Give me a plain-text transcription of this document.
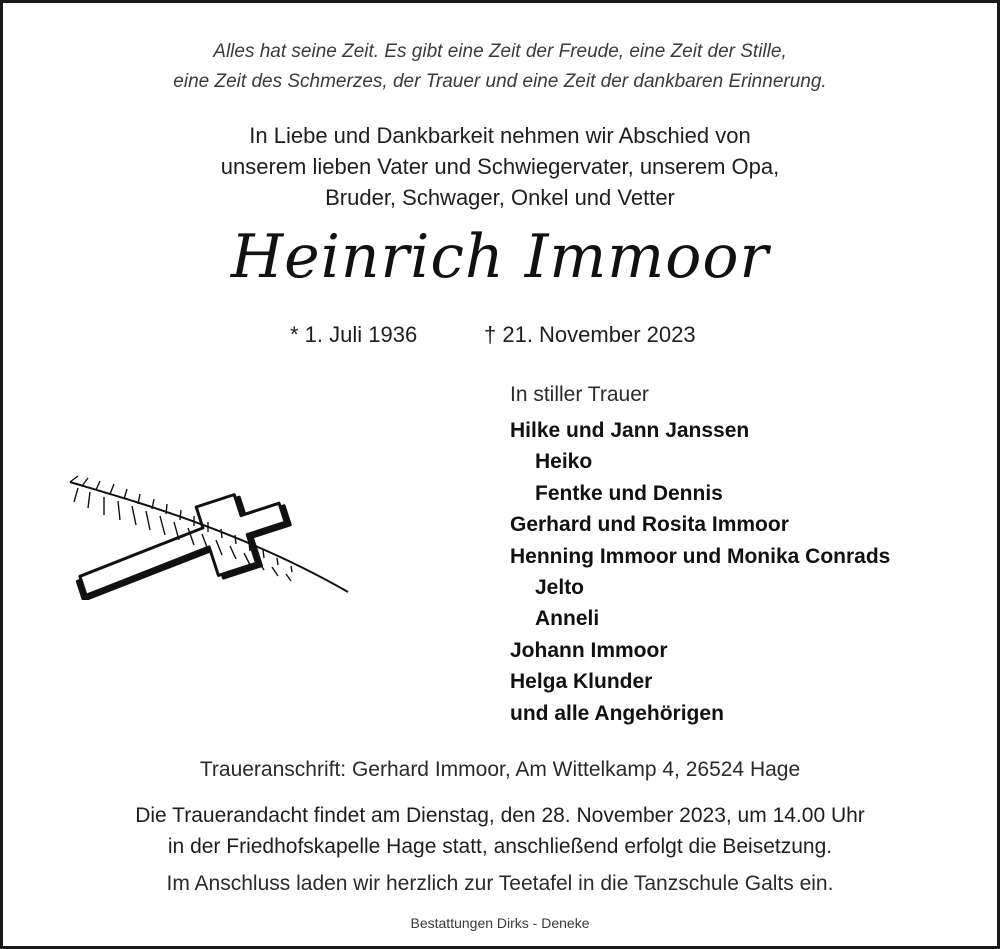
Alles hat seine Zeit. Es gibt eine Zeit der Freude, eine Zeit der Stille,
eine Zeit des Schmerzes, der Trauer und eine Zeit der dankbaren Erinnerung.
In Liebe und Dankbarkeit nehmen wir Abschied von
unserem lieben Vater und Schwiegervater, unserem Opa,
Bruder, Schwager, Onkel und Vetter
Heinrich Immoor
* 1. Juli 1936	† 21. November 2023
In stiller Trauer
Hilke und Jann Janssen
Heiko
Fentke und Dennis
Gerhard und Rosita Immoor
Henning Immoor und Monika Conrads
Jelto
Anneli
Johann Immoor
Helga Klunder
und alle Angehörigen
Traueranschrift: Gerhard Immoor, Am Wittelkamp 4, 26524 Hage
Die Trauerandacht findet am Dienstag, den 28. November 2023, um 14.00 Uhr
in der Friedhofskapelle Hage statt, anschließend erfolgt die Beisetzung.
Im Anschluss laden wir herzlich zur Teetafel in die Tanzschule Galts ein.
Bestattungen Dirks - Deneke
